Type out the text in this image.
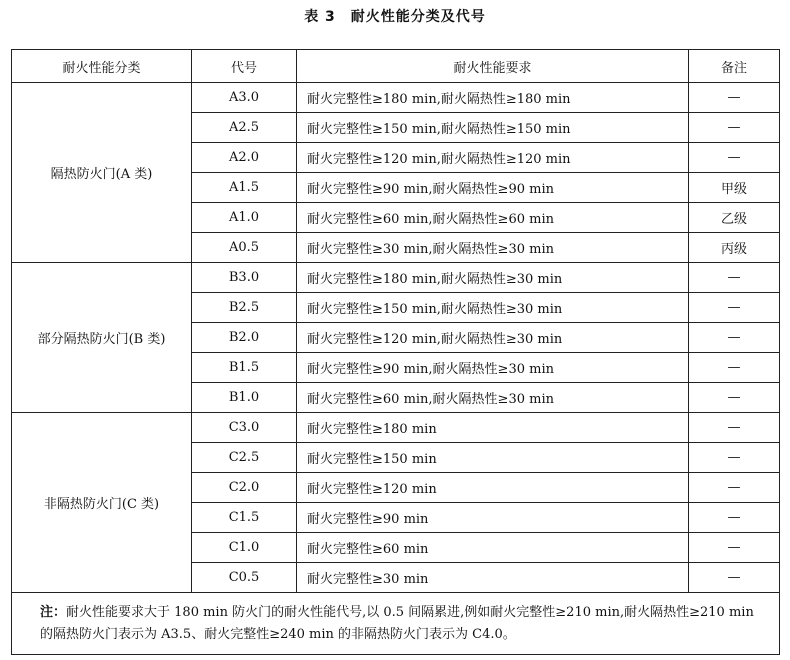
表 3　耐火性能分类及代号
耐火性能分类	代号	耐火性能要求	备注
隔热防火门(A 类)	A3.0	耐火完整性≥180 min,耐火隔热性≥180 min	—
	A2.5	耐火完整性≥150 min,耐火隔热性≥150 min	—
	A2.0	耐火完整性≥120 min,耐火隔热性≥120 min	—
	A1.5	耐火完整性≥90 min,耐火隔热性≥90 min	甲级
	A1.0	耐火完整性≥60 min,耐火隔热性≥60 min	乙级
	A0.5	耐火完整性≥30 min,耐火隔热性≥30 min	丙级
部分隔热防火门(B 类)	B3.0	耐火完整性≥180 min,耐火隔热性≥30 min	—
	B2.5	耐火完整性≥150 min,耐火隔热性≥30 min	—
	B2.0	耐火完整性≥120 min,耐火隔热性≥30 min	—
	B1.5	耐火完整性≥90 min,耐火隔热性≥30 min	—
	B1.0	耐火完整性≥60 min,耐火隔热性≥30 min	—
非隔热防火门(C 类)	C3.0	耐火完整性≥180 min	—
	C2.5	耐火完整性≥150 min	—
	C2.0	耐火完整性≥120 min	—
	C1.5	耐火完整性≥90 min	—
	C1.0	耐火完整性≥60 min	—
	C0.5	耐火完整性≥30 min	—
注：耐火性能要求大于 180 min 防火门的耐火性能代号,以 0.5 间隔累进,例如耐火完整性≥210 min,耐火隔热性≥210 min 的隔热防火门表示为 A3.5、耐火完整性≥240 min 的非隔热防火门表示为 C4.0。			
